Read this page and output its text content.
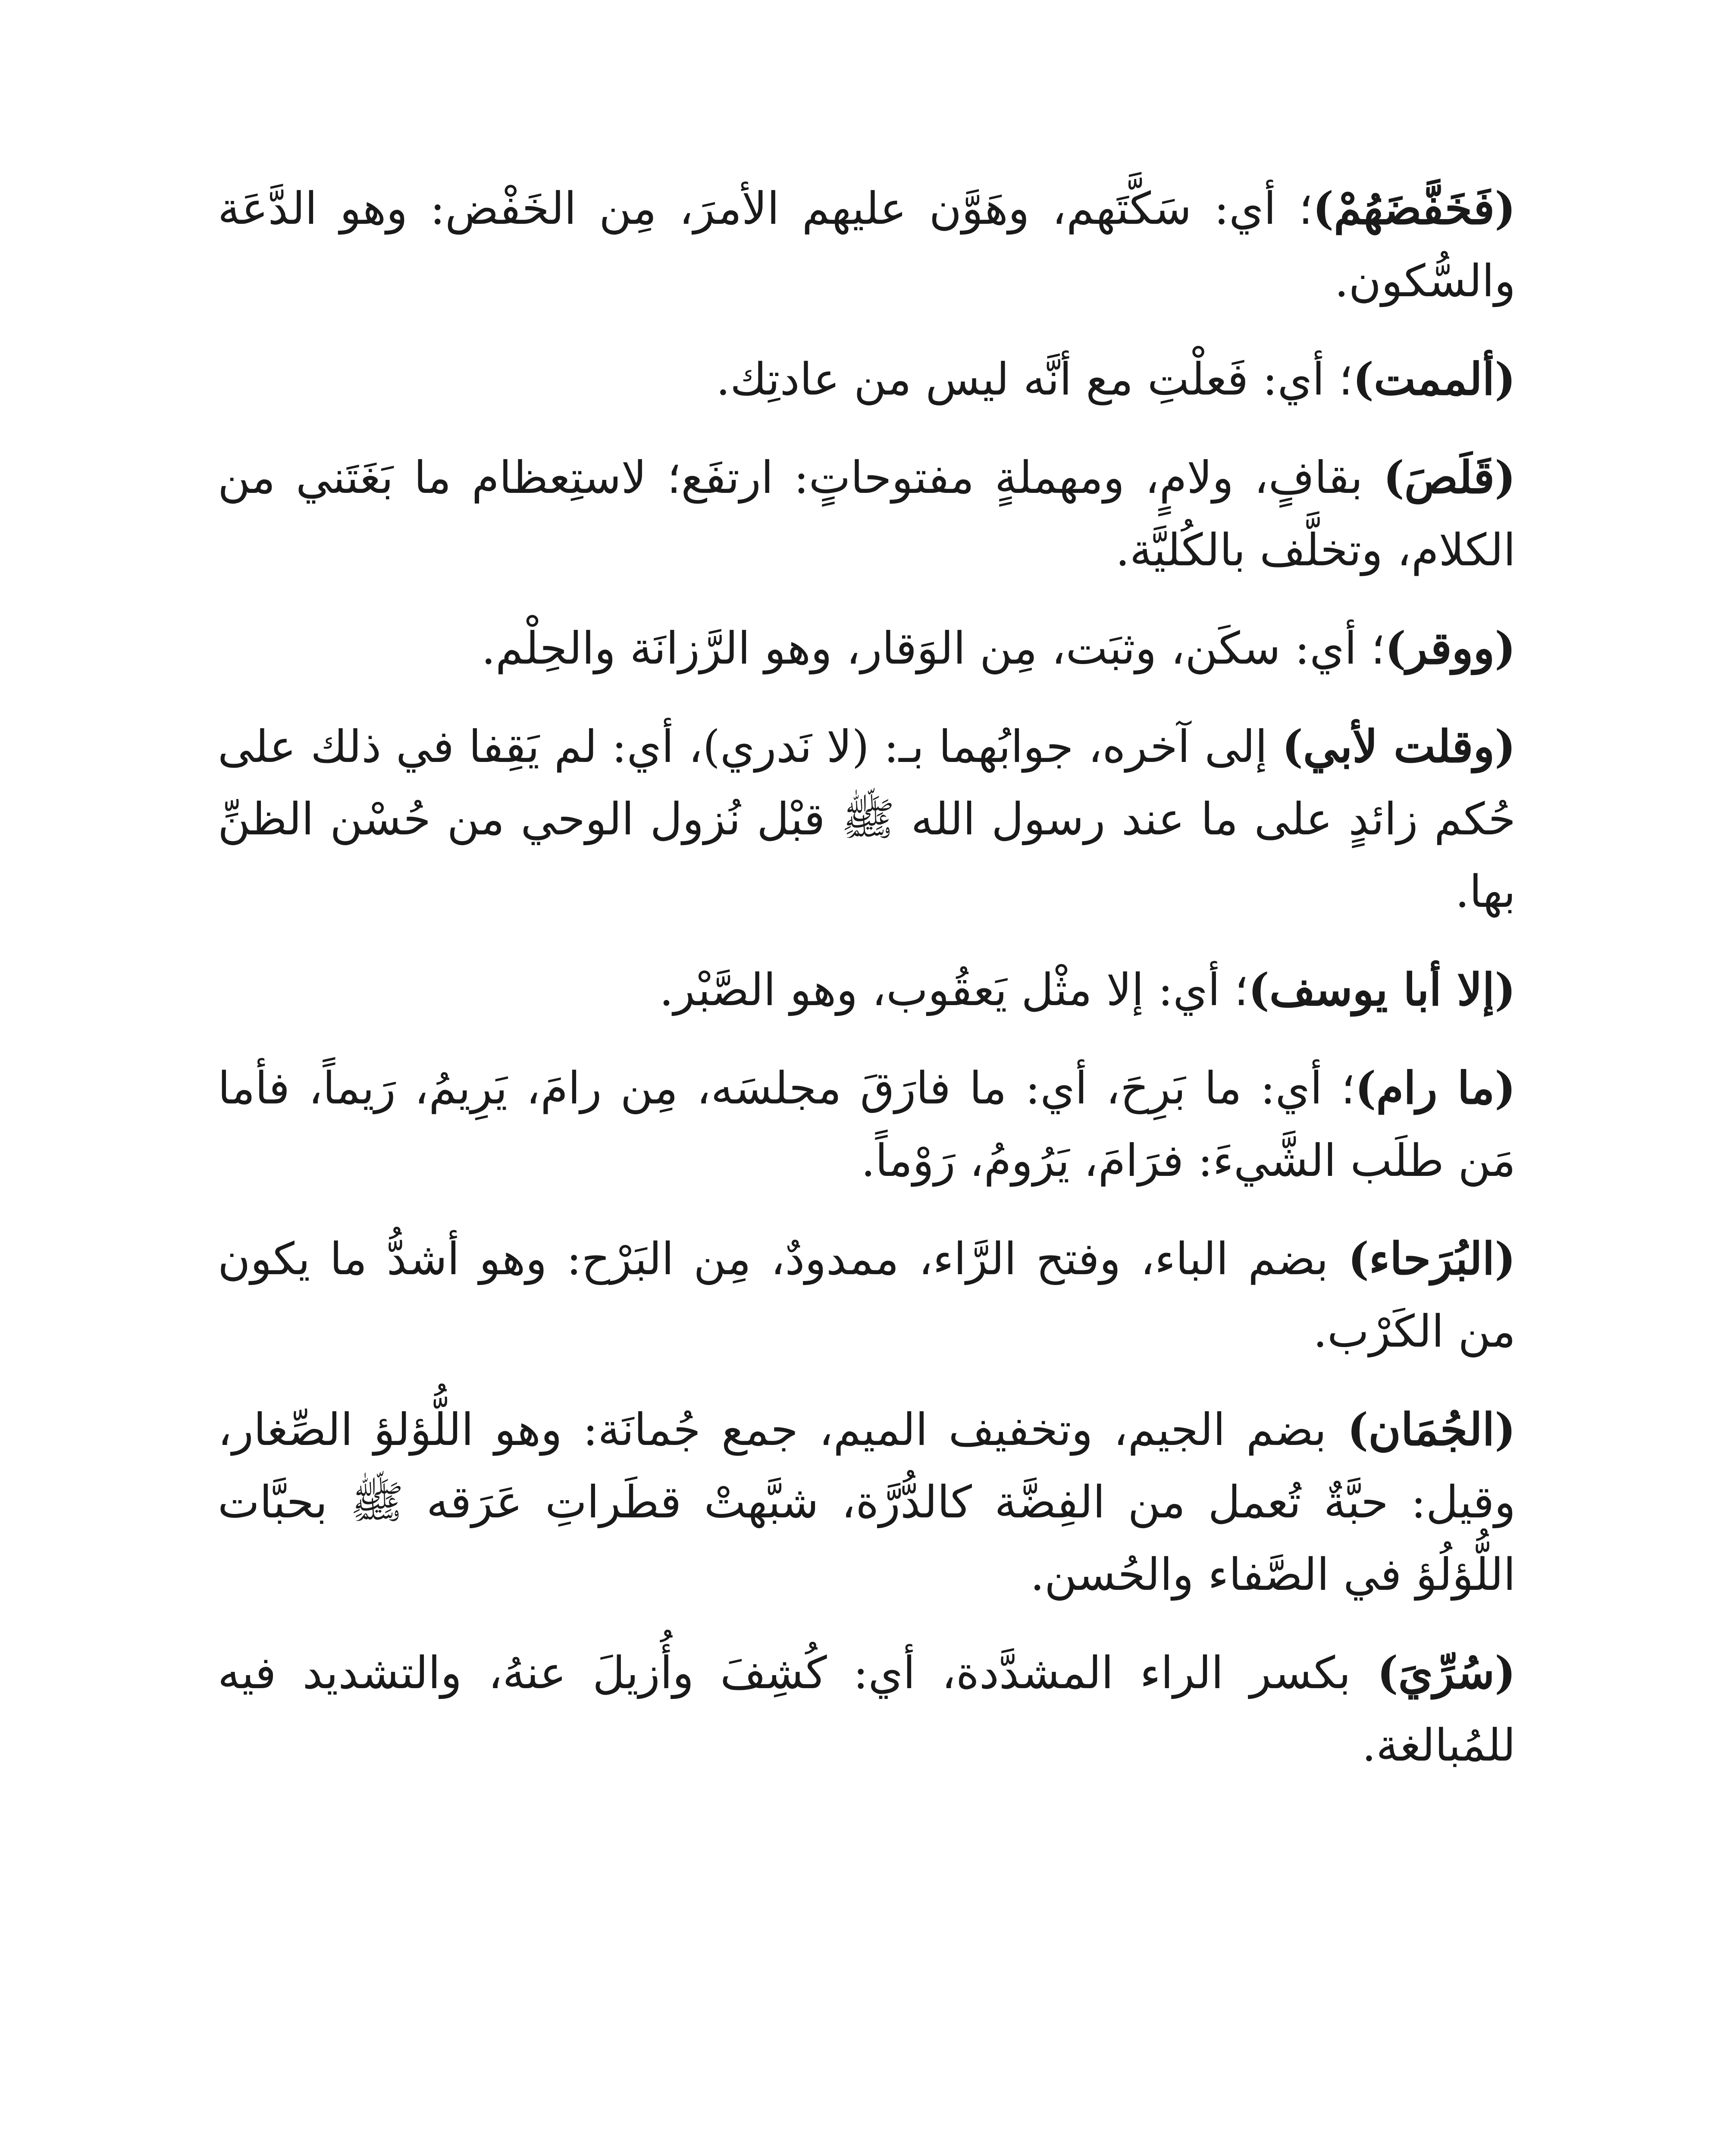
(فَخَفَّضَهُمْ)؛ أي: سَكَّتَهم، وهَوَّن عليهم الأمرَ، مِن الخَفْض: وهو الدَّعَة والسُّكون.

(ألممت)؛ أي: فَعلْتِ مع أنَّه ليس من عادتِك.

(قَلَصَ) بقافٍ، ولامٍ، ومهملةٍ مفتوحاتٍ: ارتفَع؛ لاستِعظام ما بَغَتَني من الكلام، وتخلَّف بالكُليَّة.

(ووقر)؛ أي: سكَن، وثبَت، مِن الوَقار، وهو الرَّزانَة والحِلْم.

(وقلت لأبي) إلى آخره، جوابُهما بـ: (لا نَدري)، أي: لم يَقِفا في ذلك على حُكم زائدٍ على ما عند رسول الله ﷺ قبْل نُزول الوحي من حُسْن الظنِّ بها.

(إلا أبا يوسف)؛ أي: إلا مثْل يَعقُوب، وهو الصَّبْر.

(ما رام)؛ أي: ما بَرِحَ، أي: ما فارَقَ مجلسَه، مِن رامَ، يَرِيمُ، رَيماً، فأما مَن طلَب الشَّيءَ: فرَامَ، يَرُومُ، رَوْماً.

(البُرَحاء) بضم الباء، وفتح الرَّاء، ممدودٌ، مِن البَرْح: وهو أشدُّ ما يكون من الكَرْب.

(الجُمَان) بضم الجيم، وتخفيف الميم، جمع جُمانَة: وهو اللُّؤلؤ الصِّغار، وقيل: حبَّةٌ تُعمل من الفِضَّة كالدُّرَّة، شبَّهتْ قطَراتِ عَرَقه ﷺ بحبَّات اللُّؤلُؤ في الصَّفاء والحُسن.

(سُرِّيَ) بكسر الراء المشدَّدة، أي: كُشِفَ وأُزيلَ عنهُ، والتشديد فيه للمُبالغة.
